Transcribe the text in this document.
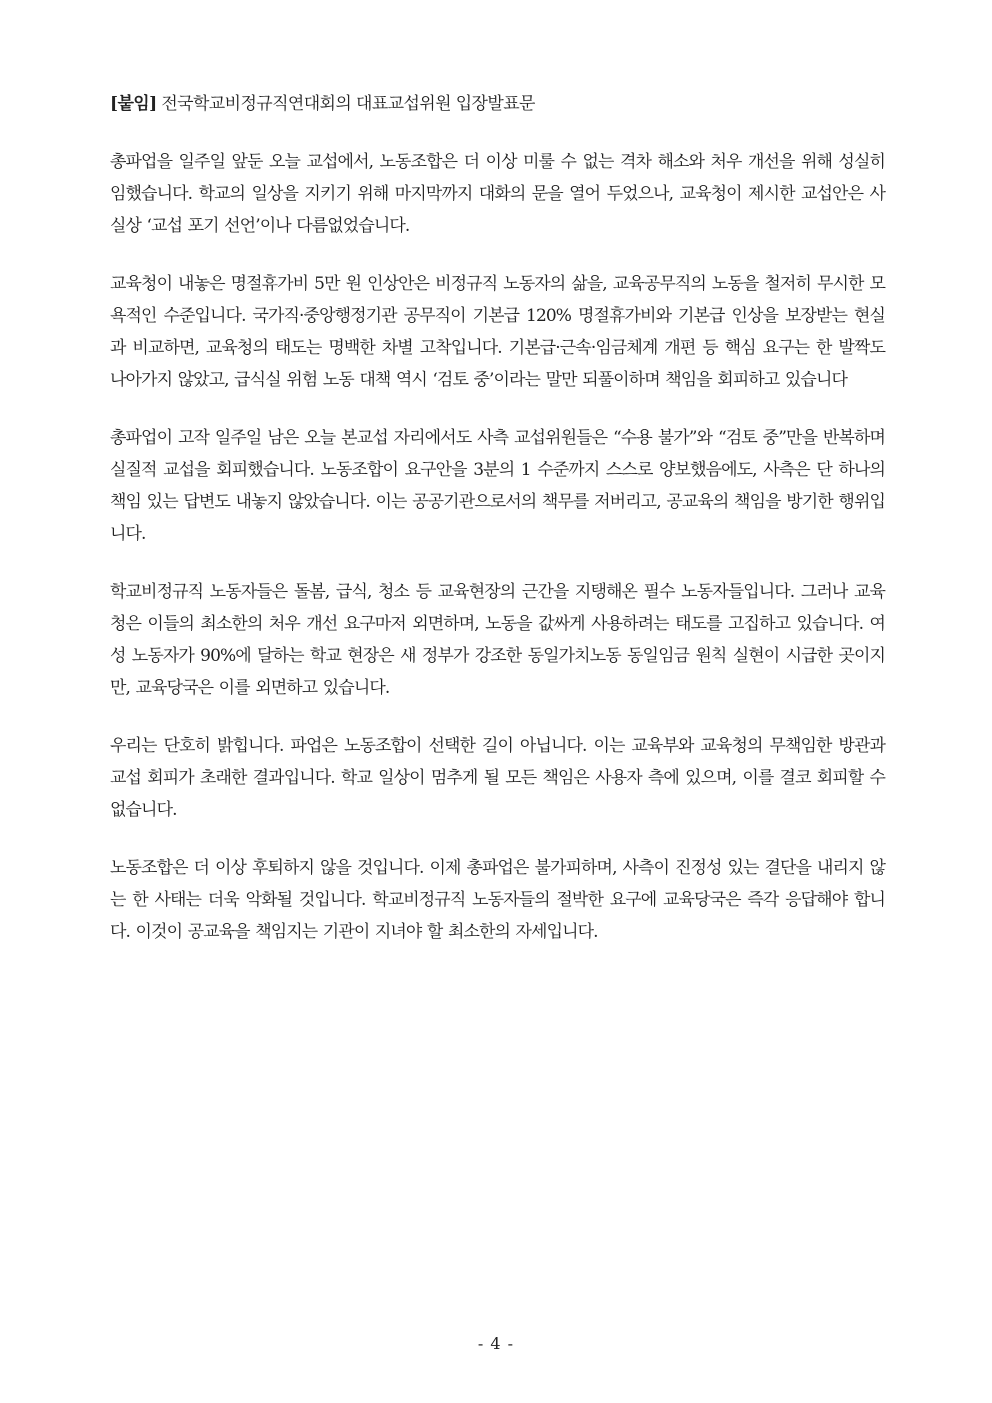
[붙임] 전국학교비정규직연대회의 대표교섭위원 입장발표문

총파업을 일주일 앞둔 오늘 교섭에서, 노동조합은 더 이상 미룰 수 없는 격차 해소와 처우 개선을 위해 성실히 임했습니다. 학교의 일상을 지키기 위해 마지막까지 대화의 문을 열어 두었으나, 교육청이 제시한 교섭안은 사실상 ‘교섭 포기 선언’이나 다름없었습니다.

교육청이 내놓은 명절휴가비 5만 원 인상안은 비정규직 노동자의 삶을, 교육공무직의 노동을 철저히 무시한 모욕적인 수준입니다. 국가직·중앙행정기관 공무직이 기본급 120% 명절휴가비와 기본급 인상을 보장받는 현실과 비교하면, 교육청의 태도는 명백한 차별 고착입니다. 기본급·근속·임금체계 개편 등 핵심 요구는 한 발짝도 나아가지 않았고, 급식실 위험 노동 대책 역시 ‘검토 중’이라는 말만 되풀이하며 책임을 회피하고 있습니다

총파업이 고작 일주일 남은 오늘 본교섭 자리에서도 사측 교섭위원들은 “수용 불가”와 “검토 중”만을 반복하며 실질적 교섭을 회피했습니다. 노동조합이 요구안을 3분의 1 수준까지 스스로 양보했음에도, 사측은 단 하나의 책임 있는 답변도 내놓지 않았습니다. 이는 공공기관으로서의 책무를 저버리고, 공교육의 책임을 방기한 행위입니다.

학교비정규직 노동자들은 돌봄, 급식, 청소 등 교육현장의 근간을 지탱해온 필수 노동자들입니다. 그러나 교육청은 이들의 최소한의 처우 개선 요구마저 외면하며, 노동을 값싸게 사용하려는 태도를 고집하고 있습니다. 여성 노동자가 90%에 달하는 학교 현장은 새 정부가 강조한 동일가치노동 동일임금 원칙 실현이 시급한 곳이지만, 교육당국은 이를 외면하고 있습니다.

우리는 단호히 밝힙니다. 파업은 노동조합이 선택한 길이 아닙니다. 이는 교육부와 교육청의 무책임한 방관과 교섭 회피가 초래한 결과입니다. 학교 일상이 멈추게 될 모든 책임은 사용자 측에 있으며, 이를 결코 회피할 수 없습니다.

노동조합은 더 이상 후퇴하지 않을 것입니다. 이제 총파업은 불가피하며, 사측이 진정성 있는 결단을 내리지 않는 한 사태는 더욱 악화될 것입니다. 학교비정규직 노동자들의 절박한 요구에 교육당국은 즉각 응답해야 합니다. 이것이 공교육을 책임지는 기관이 지녀야 할 최소한의 자세입니다.

- 4 -
